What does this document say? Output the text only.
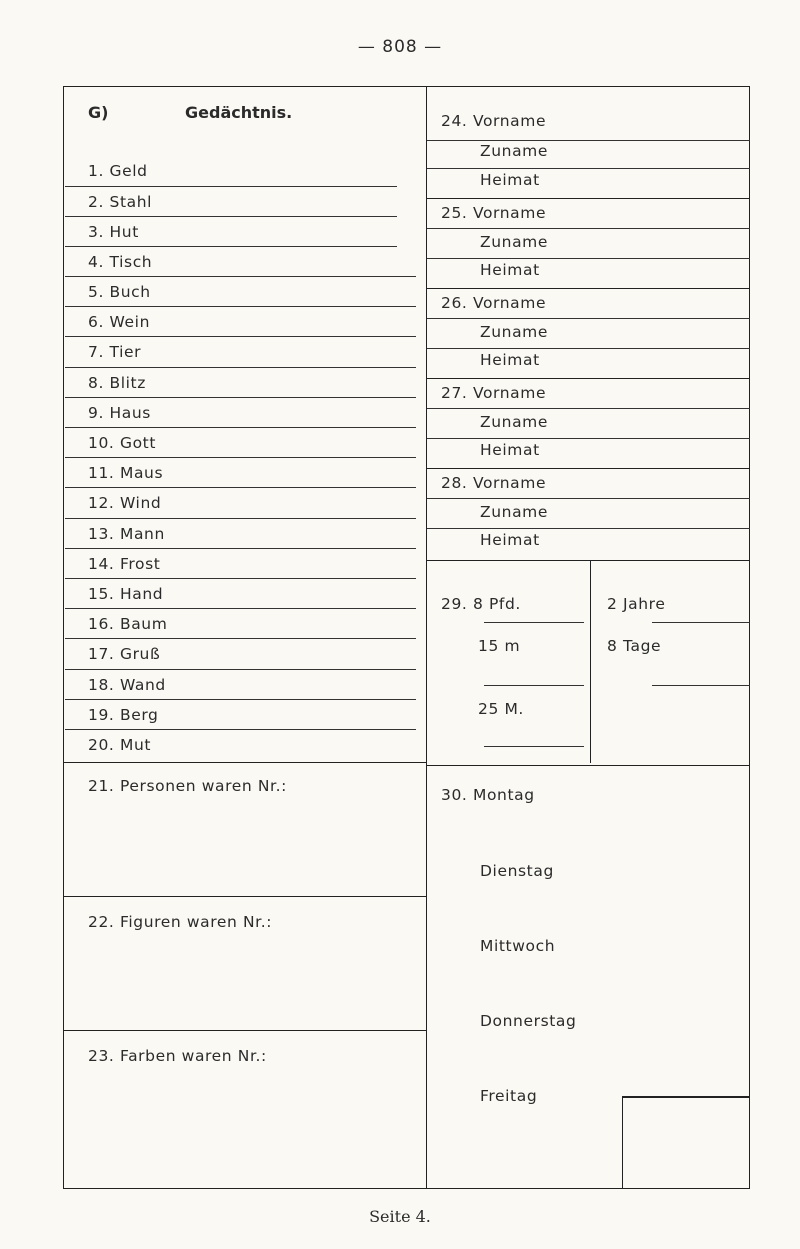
— 808 —
G)	Gedächtnis.
1. Geld
2. Stahl
3. Hut
4. Tisch
5. Buch
6. Wein
7. Tier
8. Blitz
9. Haus
10. Gott
11. Maus
12. Wind
13. Mann
14. Frost
15. Hand
16. Baum
17. Gruß
18. Wand
19. Berg
20. Mut
21. Personen waren Nr.:
22. Figuren waren Nr.:
23. Farben waren Nr.:
24. Vorname
Zuname
Heimat
25. Vorname
Zuname
Heimat
26. Vorname
Zuname
Heimat
27. Vorname
Zuname
Heimat
28. Vorname
Zuname
Heimat
29. 8 Pfd.
15 m
25 M.
2 Jahre
8 Tage
30. Montag
Dienstag
Mittwoch
Donnerstag
Freitag
Seite 4.
